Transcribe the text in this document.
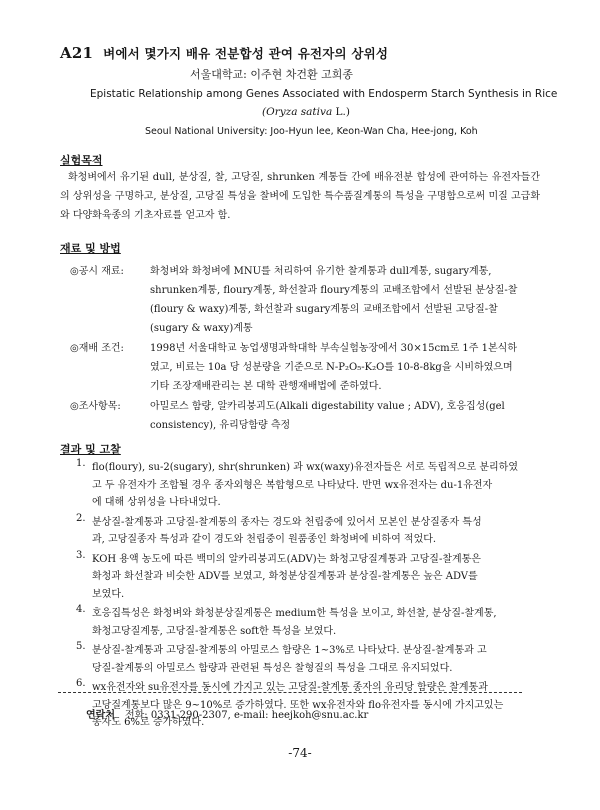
A21 벼에서 몇가지 배유 전분합성 관여 유전자의 상위성
서울대학교: 이주현 차건환 고희종
Epistatic Relationship among Genes Associated with Endosperm Starch Synthesis in Rice
(Oryza sativa L.)
Seoul National University: Joo-Hyun lee, Keon-Wan Cha, Hee-jong, Koh
실험목적
화청벼에서 유기된 dull, 분상질, 찰, 고당질, shrunken 계통들 간에 배유전분 합성에 관여하는 유전자들간의 상위성을 구명하고, 분상질, 고당질 특성을 찰벼에 도입한 특수품질계통의 특성을 구명함으로써 미질 고급화와 다양화육종의 기초자료를 얻고자 함.
재료 및 방법
◎공시 재료:	화청벼와 화청벼에 MNU를 처리하여 유기한 찰계통과 dull계통, sugary계통,
shrunken계통, floury계통, 화선찰과 floury계통의 교배조합에서 선발된 분상질-찰
(floury & waxy)계통, 화선찰과 sugary계통의 교배조합에서 선발된 고당질-찰
(sugary & waxy)계통
◎재배 조건:	1998년 서울대학교 농업생명과학대학 부속실험농장에서 30×15cm로 1주 1본식하
였고, 비료는 10a 당 성분량을 기준으로 N-P₂O₅-K₂O를 10-8-8kg을 시비하였으며
기타 조장재배관리는 본 대학 관행재배법에 준하였다.
◎조사항목:	아밀로스 함량, 알카리붕괴도(Alkali digestability value ; ADV), 호응집성(gel
consistency), 유리당함량 측정
결과 및 고찰
연락처 전화: 0331-290-2307, e-mail: heejkoh@snu.ac.kr
-74-
1. flo(floury), su-2(sugary), shr(shrunken) 과 wx(waxy)유전자들은 서로 독립적으로 분리하였
고 두 유전자가 조합될 경우 종자외형은 복합형으로 나타났다. 반면 wx유전자는 du-1유전자
에 대해 상위성을 나타내었다.
2. 분상질-찰계통과 고당질-찰계통의 종자는 경도와 천립중에 있어서 모본인 분상질종자 특성
과, 고당질종자 특성과 같이 경도와 천립중이 원품종인 화청벼에 비하여 적었다.
3. KOH 용액 농도에 따른 백미의 알카리붕괴도(ADV)는 화청고당질계통과 고당질-찰계통은
화청과 화선찰과 비슷한 ADV를 보였고, 화청분상질계통과 분상질-찰계통은 높은 ADV를
보였다.
4. 호응집특성은 화청벼와 화청분상질계통은 medium한 특성을 보이고, 화선찰, 분상질-찰계통,
화청고당질계통, 고당질-찰계통은 soft한 특성을 보였다.
5. 분상질-찰계통과 고당질-찰계통의 아밀로스 함량은 1~3%로 나타났다. 분상질-찰계통과 고
당질-찰계통의 아밀로스 함량과 관련된 특성은 찰형질의 특성을 그대로 유지되었다.
6. wx유전자와 su유전자를 동시에 가지고 있는 고당질-찰계통 종자의 유리당 함량은 찰계통과
고당질계통보다 많은 9~10%로 증가하였다. 또한 wx유전자와 flo유전자를 동시에 가지고있는
종자도 6%로 증가하였다.
